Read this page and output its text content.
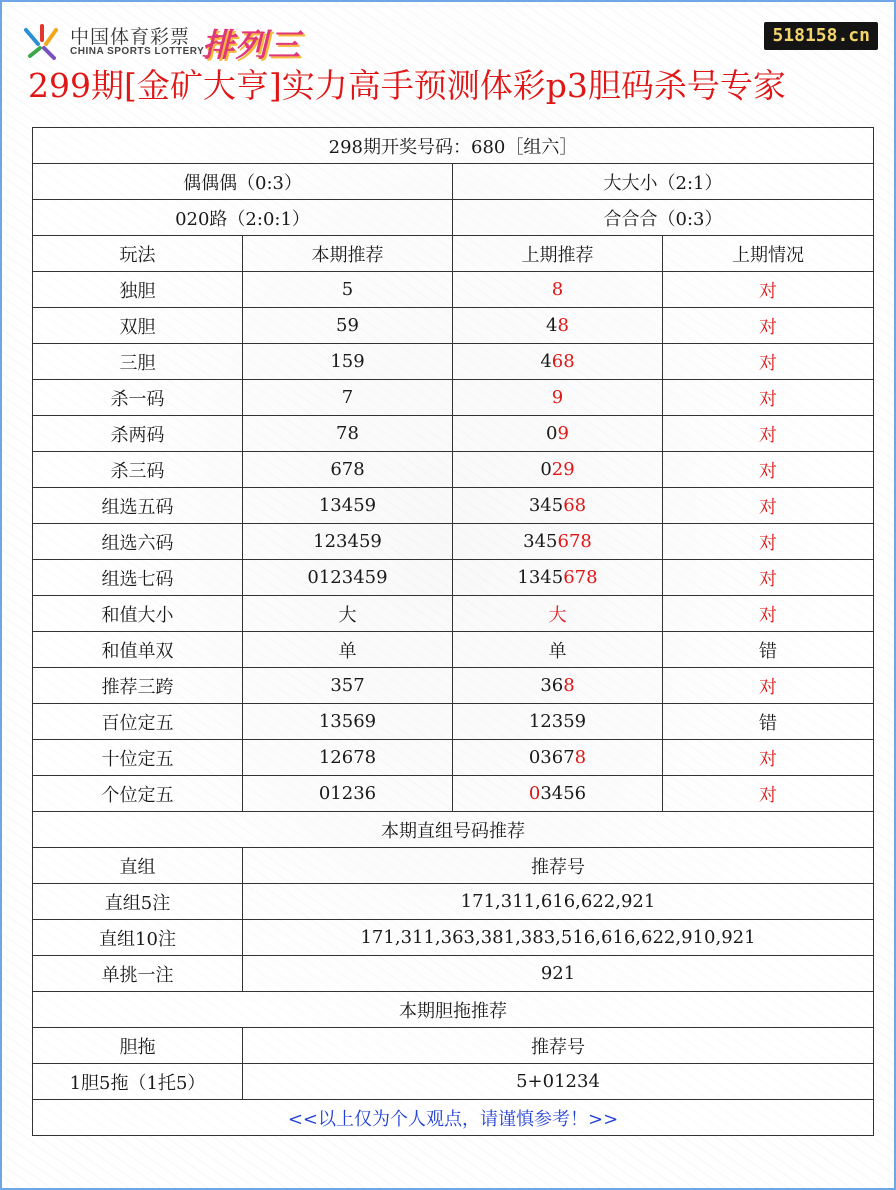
中国体育彩票
CHINA SPORTS LOTTERY
排列三	518158.cn
299期[金矿大亨]实力高手预测体彩p3胆码杀号专家
298期开奖号码：680［组六］			
偶偶偶（0:3）		大大小（2:1）	
020路（2:0:1）		合合合（0:3）	
玩法	本期推荐	上期推荐	上期情况
独胆	5	8	对
双胆	59	48	对
三胆	159	468	对
杀一码	7	9	对
杀两码	78	09	对
杀三码	678	029	对
组选五码	13459	34568	对
组选六码	123459	345678	对
组选七码	0123459	1345678	对
和值大小	大	大	对
和值单双	单	单	错
推荐三跨	357	368	对
百位定五	13569	12359	错
十位定五	12678	03678	对
个位定五	01236	03456	对
本期直组号码推荐			
直组	推荐号		
直组5注	171,311,616,622,921		
直组10注	171,311,363,381,383,516,616,622,910,921		
单挑一注	921		
本期胆拖推荐			
胆拖	推荐号		
1胆5拖（1托5）	5+01234		
<<以上仅为个人观点，请谨慎参考！>>			
